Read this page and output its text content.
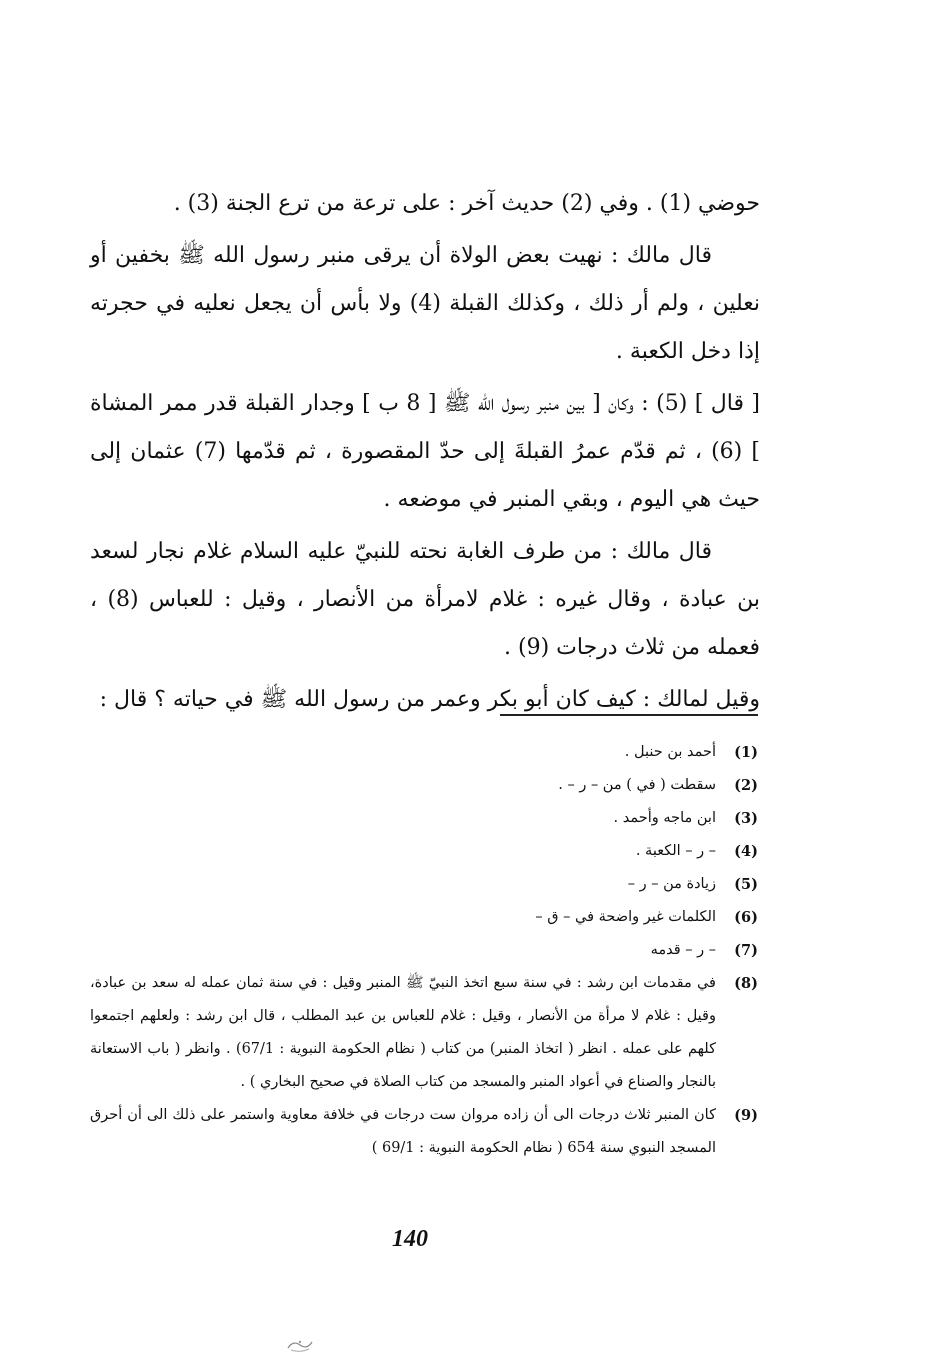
حوضي (1) . وفي (2) حديث آخر : على ترعة من ترع الجنة (3) .

قال مالك : نهيت بعض الولاة أن يرقى منبر رسول الله ﷺ بخفين أو نعلين ، ولم أر ذلك ، وكذلك القبلة (4) ولا بأس أن يجعل نعليه في حجرته إذا دخل الكعبة .

[ قال ] (5) : وكان [ بين منبر رسول الله ﷺ [ 8 ب ] وجدار القبلة قدر ممر المشاة ] (6) ، ثم قدّم عمرُ القبلةَ إلى حدّ المقصورة ، ثم قدّمها (7) عثمان إلى حيث هي اليوم ، وبقي المنبر في موضعه .

قال مالك : من طرف الغابة نحته للنبيّ عليه السلام غلام نجار لسعد بن عبادة ، وقال غيره : غلام لامرأة من الأنصار ، وقيل : للعباس (8) ، فعمله من ثلاث درجات (9) .

وقيل لمالك : كيف كان أبو بكر وعمر من رسول الله ﷺ في حياته ؟ قال :

(1)
أحمد بن حنبل .
(2)
سقطت ( في ) من – ر – .
(3)
ابن ماجه وأحمد .
(4)
– ر – الكعبة .
(5)
زيادة من – ر –
(6)
الكلمات غير واضحة في – ق –
(7)
– ر – قدمه
(8)
في مقدمات ابن رشد : في سنة سبع اتخذ النبيّ ﷺ المنبر وقيل : في سنة ثمان عمله له سعد بن عبادة، وقيل : غلام لا مرأة من الأنصار ، وقيل : غلام للعباس بن عبد المطلب ، قال ابن رشد : ولعلهم اجتمعوا كلهم على عمله . انظر ( اتخاذ المنبر) من كتاب ( نظام الحكومة النبوية : 67/1) . وانظر ( باب الاستعانة بالنجار والصناع في أعواد المنبر والمسجد من كتاب الصلاة في صحيح البخاري ) .
(9)
كان المنبر ثلاث درجات الى أن زاده مروان ست درجات في خلافة معاوية واستمر على ذلك الى أن أحرق المسجد النبوي سنة 654 ( نظام الحكومة النبوية : 69/1 )
140
